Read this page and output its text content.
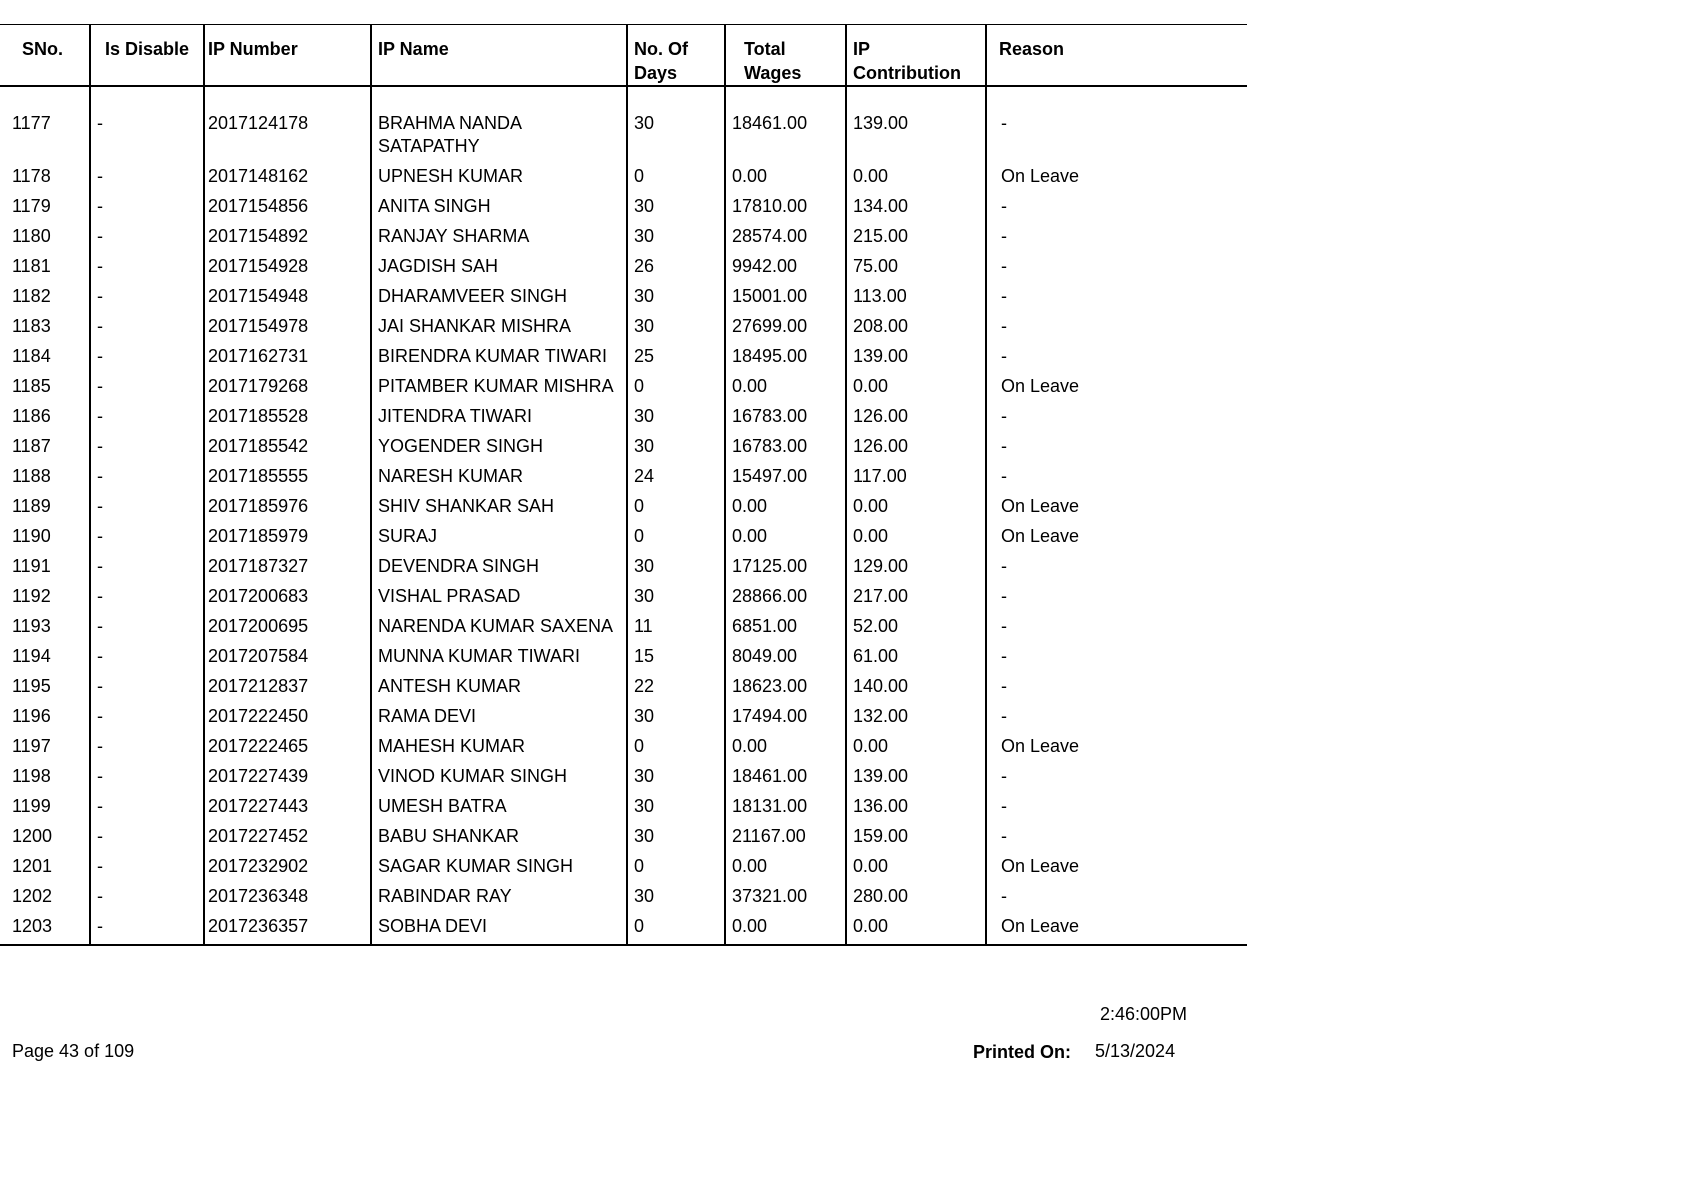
SNo.	Is Disable	IP Number	IP Name	No. Of Days	Total Wages	IP Contribution	Reason
1177	-	2017124178	BRAHMA NANDA SATAPATHY	30	18461.00	139.00	-
1178	-	2017148162	UPNESH KUMAR	0	0.00	0.00	On Leave
1179	-	2017154856	ANITA SINGH	30	17810.00	134.00	-
1180	-	2017154892	RANJAY SHARMA	30	28574.00	215.00	-
1181	-	2017154928	JAGDISH SAH	26	9942.00	75.00	-
1182	-	2017154948	DHARAMVEER SINGH	30	15001.00	113.00	-
1183	-	2017154978	JAI SHANKAR MISHRA	30	27699.00	208.00	-
1184	-	2017162731	BIRENDRA KUMAR TIWARI	25	18495.00	139.00	-
1185	-	2017179268	PITAMBER KUMAR MISHRA	0	0.00	0.00	On Leave
1186	-	2017185528	JITENDRA TIWARI	30	16783.00	126.00	-
1187	-	2017185542	YOGENDER SINGH	30	16783.00	126.00	-
1188	-	2017185555	NARESH KUMAR	24	15497.00	117.00	-
1189	-	2017185976	SHIV SHANKAR SAH	0	0.00	0.00	On Leave
1190	-	2017185979	SURAJ	0	0.00	0.00	On Leave
1191	-	2017187327	DEVENDRA SINGH	30	17125.00	129.00	-
1192	-	2017200683	VISHAL PRASAD	30	28866.00	217.00	-
1193	-	2017200695	NARENDA KUMAR SAXENA	11	6851.00	52.00	-
1194	-	2017207584	MUNNA KUMAR TIWARI	15	8049.00	61.00	-
1195	-	2017212837	ANTESH KUMAR	22	18623.00	140.00	-
1196	-	2017222450	RAMA DEVI	30	17494.00	132.00	-
1197	-	2017222465	MAHESH KUMAR	0	0.00	0.00	On Leave
1198	-	2017227439	VINOD KUMAR SINGH	30	18461.00	139.00	-
1199	-	2017227443	UMESH BATRA	30	18131.00	136.00	-
1200	-	2017227452	BABU SHANKAR	30	21167.00	159.00	-
1201	-	2017232902	SAGAR KUMAR SINGH	0	0.00	0.00	On Leave
1202	-	2017236348	RABINDAR RAY	30	37321.00	280.00	-
1203	-	2017236357	SOBHA DEVI	0	0.00	0.00	On Leave
2:46:00PM
Page 43 of 109	Printed On: 5/13/2024
